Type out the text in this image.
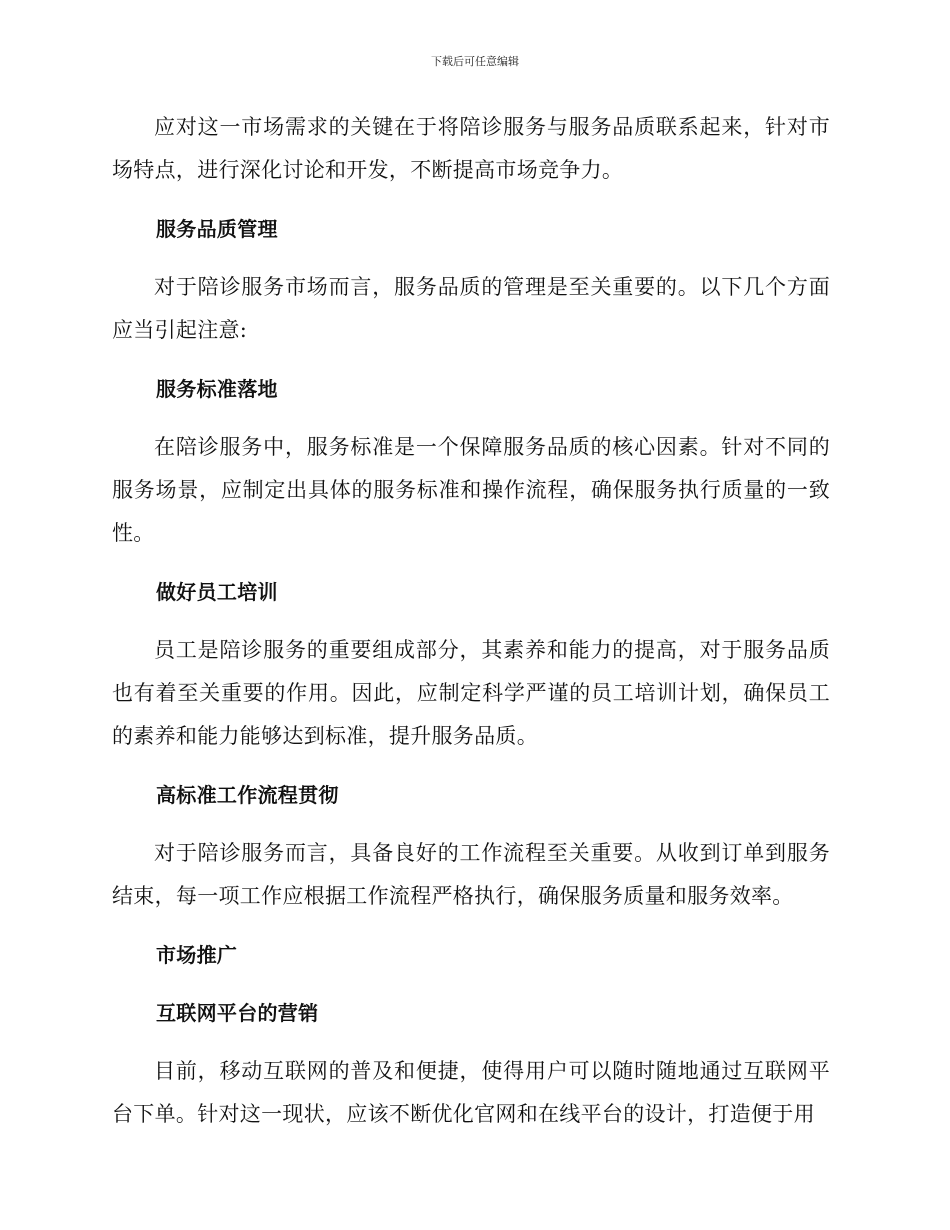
下载后可任意编辑

应对这一市场需求的关键在于将陪诊服务与服务品质联系起来，针对市场特点，进行深化讨论和开发，不断提高市场竞争力。

服务品质管理

对于陪诊服务市场而言，服务品质的管理是至关重要的。以下几个方面应当引起注意:

服务标准落地

在陪诊服务中，服务标准是一个保障服务品质的核心因素。针对不同的服务场景，应制定出具体的服务标准和操作流程，确保服务执行质量的一致性。

做好员工培训

员工是陪诊服务的重要组成部分，其素养和能力的提高，对于服务品质也有着至关重要的作用。因此，应制定科学严谨的员工培训计划，确保员工的素养和能力能够达到标准，提升服务品质。

高标准工作流程贯彻

对于陪诊服务而言，具备良好的工作流程至关重要。从收到订单到服务结束，每一项工作应根据工作流程严格执行，确保服务质量和服务效率。

市场推广
互联网平台的营销

目前，移动互联网的普及和便捷，使得用户可以随时随地通过互联网平台下单。针对这一现状，应该不断优化官网和在线平台的设计，打造便于用
